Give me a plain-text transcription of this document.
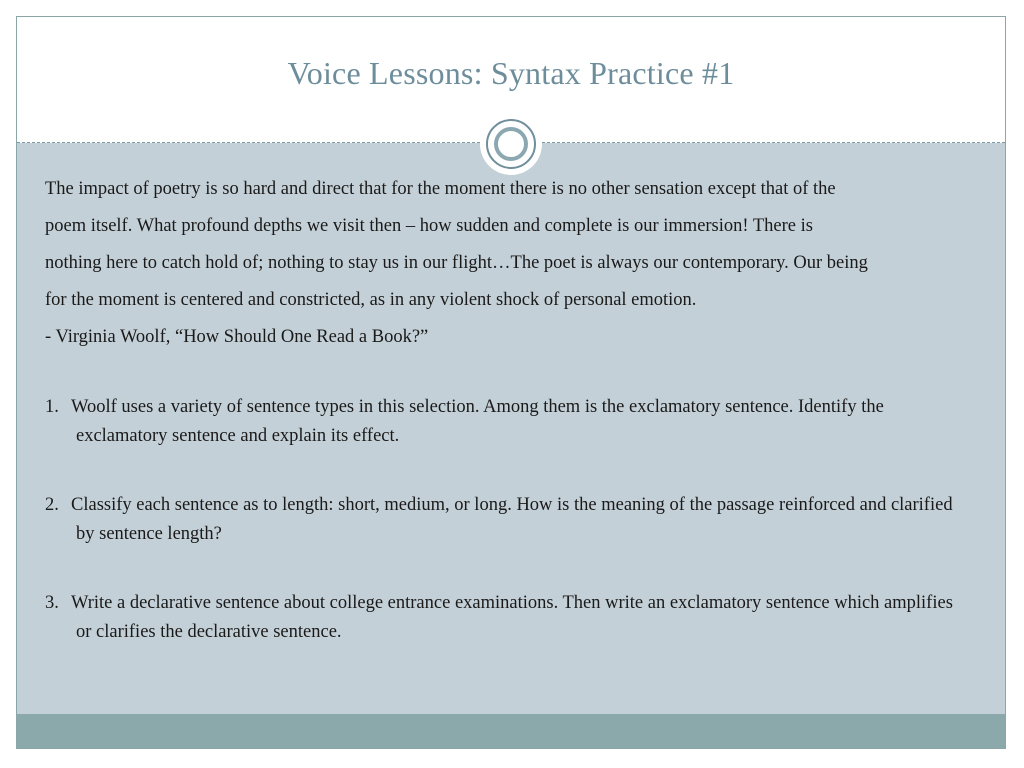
Voice Lessons: Syntax Practice #1

The impact of poetry is so hard and direct that for the moment there is no other sensation except that of the

poem itself. What profound depths we visit then – how sudden and complete is our immersion! There is

nothing here to catch hold of; nothing to stay us in our flight…The poet is always our contemporary. Our being

for the moment is centered and constricted, as in any violent shock of personal emotion.

- Virginia Woolf, “How Should One Read a Book?”

1. Woolf uses a variety of sentence types in this selection. Among them is the exclamatory sentence. Identify the exclamatory sentence and explain its effect.

2. Classify each sentence as to length: short, medium, or long. How is the meaning of the passage reinforced and clarified by sentence length?

3. Write a declarative sentence about college entrance examinations. Then write an exclamatory sentence which amplifies or clarifies the declarative sentence.
